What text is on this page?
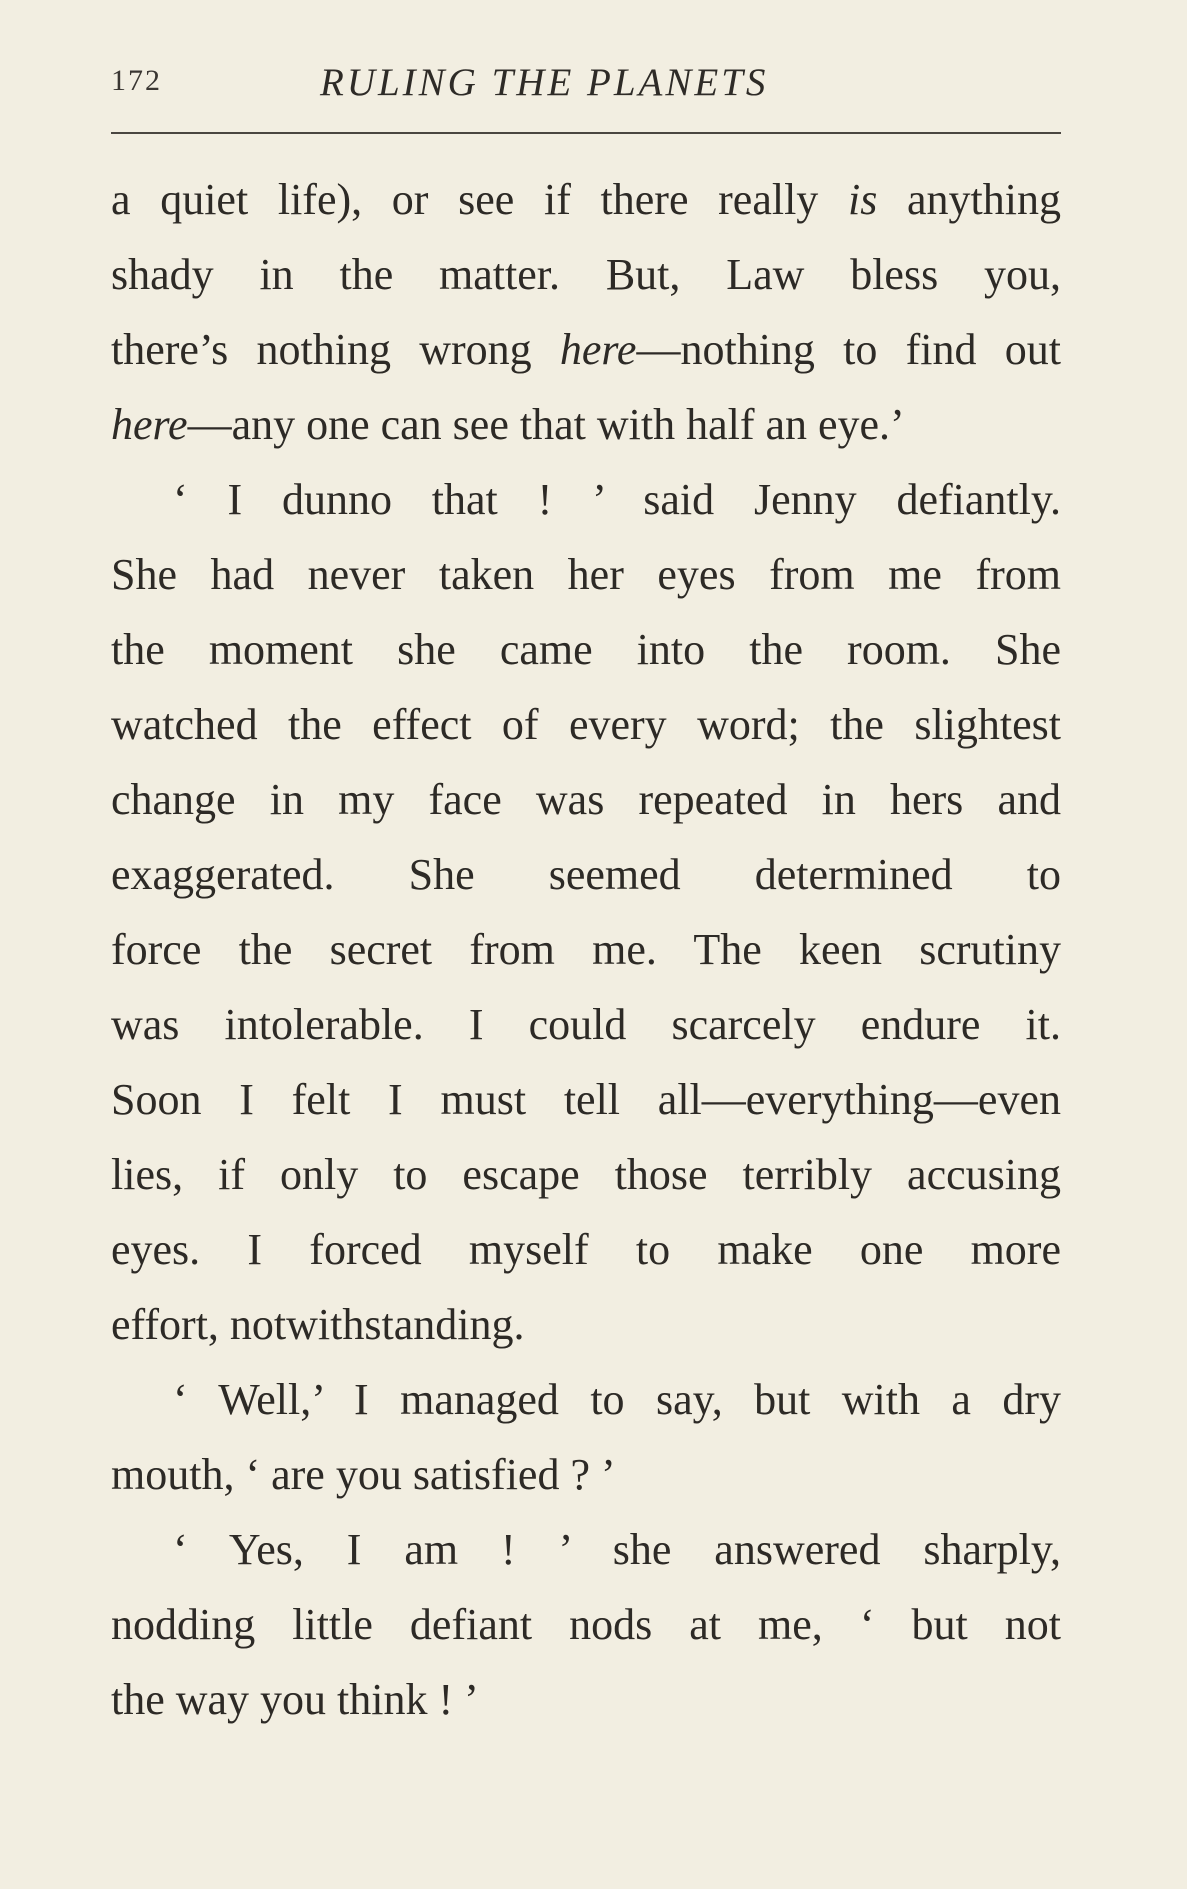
172	RULING THE PLANETS
a quiet life), or see if there really is anything
shady in the matter. But, Law bless you,
there’s nothing wrong here—nothing to find out
here—any one can see that with half an eye.’
‘ I dunno that ! ’ said Jenny defiantly.
She had never taken her eyes from me from
the moment she came into the room. She
watched the effect of every word; the slightest
change in my face was repeated in hers and
exaggerated. She seemed determined to
force the secret from me. The keen scrutiny
was intolerable. I could scarcely endure it.
Soon I felt I must tell all—everything—even
lies, if only to escape those terribly accusing
eyes. I forced myself to make one more
effort, notwithstanding.
‘ Well,’ I managed to say, but with a dry
mouth, ‘ are you satisfied ? ’
‘ Yes, I am ! ’ she answered sharply,
nodding little defiant nods at me, ‘ but not
the way you think ! ’
